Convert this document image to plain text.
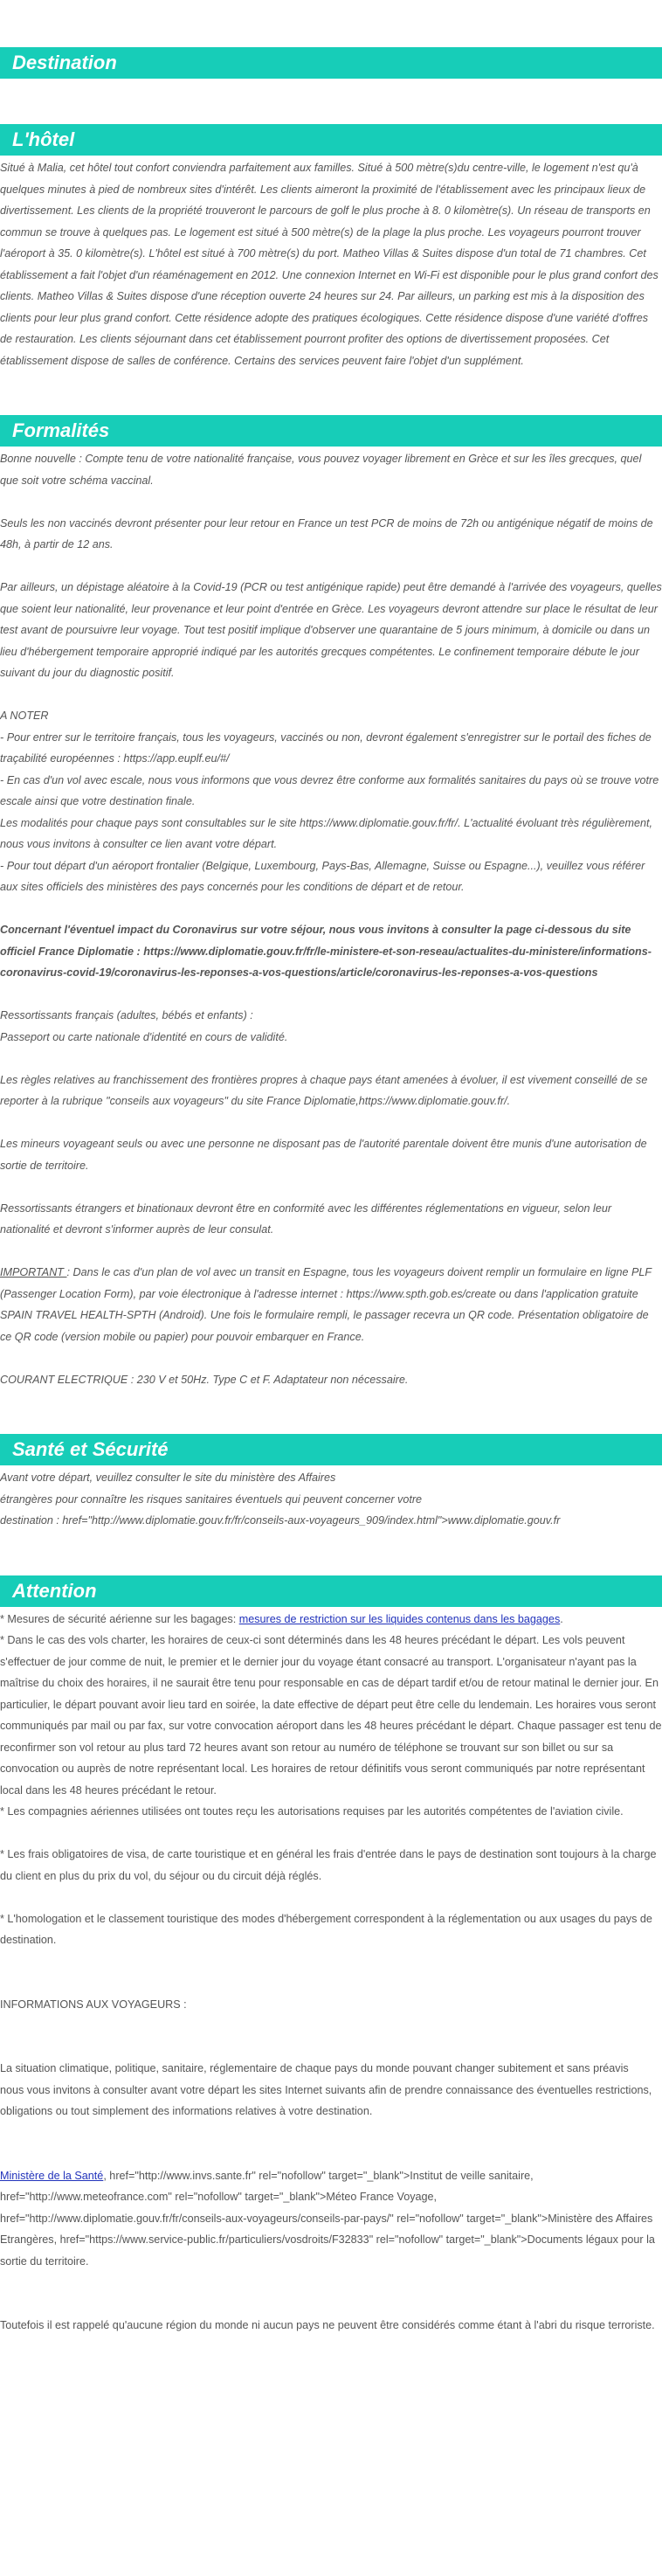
Destination
L'hôtel

Situé à Malia, cet hôtel tout confort conviendra parfaitement aux familles. Situé à 500 mètre(s)du centre-ville, le logement n'est qu'à quelques minutes à pied de nombreux sites d'intérêt. Les clients aimeront la proximité de l'établissement avec les principaux lieux de divertissement. Les clients de la propriété trouveront le parcours de golf le plus proche à 8. 0 kilomètre(s). Un réseau de transports en commun se trouve à quelques pas. Le logement est situé à 500 mètre(s) de la plage la plus proche. Les voyageurs pourront trouver l'aéroport à 35. 0 kilomètre(s). L'hôtel est situé à 700 mètre(s) du port. Matheo Villas & Suites dispose d'un total de 71 chambres. Cet établissement a fait l'objet d'un réaménagement en 2012. Une connexion Internet en Wi-Fi est disponible pour le plus grand confort des clients. Matheo Villas & Suites dispose d'une réception ouverte 24 heures sur 24. Par ailleurs, un parking est mis à la disposition des clients pour leur plus grand confort. Cette résidence adopte des pratiques écologiques. Cette résidence dispose d'une variété d'offres de restauration. Les clients séjournant dans cet établissement pourront profiter des options de divertissement proposées. Cet établissement dispose de salles de conférence. Certains des services peuvent faire l'objet d'un supplément.

Formalités

Bonne nouvelle : Compte tenu de votre nationalité française, vous pouvez voyager librement en Grèce et sur les îles grecques, quel que soit votre schéma vaccinal.

Seuls les non vaccinés devront présenter pour leur retour en France un test PCR de moins de 72h ou antigénique négatif de moins de 48h, à partir de 12 ans.

Par ailleurs, un dépistage aléatoire à la Covid-19 (PCR ou test antigénique rapide) peut être demandé à l'arrivée des voyageurs, quelles que soient leur nationalité, leur provenance et leur point d'entrée en Grèce. Les voyageurs devront attendre sur place le résultat de leur test avant de poursuivre leur voyage. Tout test positif implique d'observer une quarantaine de 5 jours minimum, à domicile ou dans un lieu d'hébergement temporaire approprié indiqué par les autorités grecques compétentes. Le confinement temporaire débute le jour suivant du jour du diagnostic positif.

A NOTER

- Pour entrer sur le territoire français, tous les voyageurs, vaccinés ou non, devront également s'enregistrer sur le portail des fiches de traçabilité européennes : https://app.euplf.eu/#/

- En cas d'un vol avec escale, nous vous informons que vous devrez être conforme aux formalités sanitaires du pays où se trouve votre escale ainsi que votre destination finale.

Les modalités pour chaque pays sont consultables sur le site https://www.diplomatie.gouv.fr/fr/. L'actualité évoluant très régulièrement, nous vous invitons à consulter ce lien avant votre départ.

- Pour tout départ d'un aéroport frontalier (Belgique, Luxembourg, Pays-Bas, Allemagne, Suisse ou Espagne...), veuillez vous référer aux sites officiels des ministères des pays concernés pour les conditions de départ et de retour.

Concernant l'éventuel impact du Coronavirus sur votre séjour, nous vous invitons à consulter la page ci-dessous du site officiel France Diplomatie : https://www.diplomatie.gouv.fr/fr/le-ministere-et-son-reseau/actualites-du-ministere/informations-coronavirus-covid-19/coronavirus-les-reponses-a-vos-questions/article/coronavirus-les-reponses-a-vos-questions

Ressortissants français (adultes, bébés et enfants) :

Passeport ou carte nationale d'identité en cours de validité.

Les règles relatives au franchissement des frontières propres à chaque pays étant amenées à évoluer, il est vivement conseillé de se reporter à la rubrique "conseils aux voyageurs" du site France Diplomatie,https://www.diplomatie.gouv.fr/.

Les mineurs voyageant seuls ou avec une personne ne disposant pas de l'autorité parentale doivent être munis d'une autorisation de sortie de territoire.

Ressortissants étrangers et binationaux devront être en conformité avec les différentes réglementations en vigueur, selon leur nationalité et devront s'informer auprès de leur consulat.

IMPORTANT : Dans le cas d'un plan de vol avec un transit en Espagne, tous les voyageurs doivent remplir un formulaire en ligne PLF (Passenger Location Form), par voie électronique à l'adresse internet : https://www.spth.gob.es/create ou dans l'application gratuite SPAIN TRAVEL HEALTH-SPTH (Android). Une fois le formulaire rempli, le passager recevra un QR code. Présentation obligatoire de ce QR code (version mobile ou papier) pour pouvoir embarquer en France.

COURANT ELECTRIQUE : 230 V et 50Hz. Type C et F. Adaptateur non nécessaire.

Santé et Sécurité

Avant votre départ, veuillez consulter le site du ministère des Affaires

étrangères pour connaître les risques sanitaires éventuels qui peuvent concerner votre

destination : href="http://www.diplomatie.gouv.fr/fr/conseils-aux-voyageurs_909/index.html">www.diplomatie.gouv.fr

Attention

* Mesures de sécurité aérienne sur les bagages: mesures de restriction sur les liquides contenus dans les bagages.

* Dans le cas des vols charter, les horaires de ceux-ci sont déterminés dans les 48 heures précédant le départ. Les vols peuvent s'effectuer de jour comme de nuit, le premier et le dernier jour du voyage étant consacré au transport. L'organisateur n'ayant pas la maîtrise du choix des horaires, il ne saurait être tenu pour responsable en cas de départ tardif et/ou de retour matinal le dernier jour. En particulier, le départ pouvant avoir lieu tard en soirée, la date effective de départ peut être celle du lendemain. Les horaires vous seront communiqués par mail ou par fax, sur votre convocation aéroport dans les 48 heures précédant le départ. Chaque passager est tenu de reconfirmer son vol retour au plus tard 72 heures avant son retour au numéro de téléphone se trouvant sur son billet ou sur sa convocation ou auprès de notre représentant local. Les horaires de retour définitifs vous seront communiqués par notre représentant local dans les 48 heures précédant le retour.

* Les compagnies aériennes utilisées ont toutes reçu les autorisations requises par les autorités compétentes de l'aviation civile.

* Les frais obligatoires de visa, de carte touristique et en général les frais d'entrée dans le pays de destination sont toujours à la charge du client en plus du prix du vol, du séjour ou du circuit déjà réglés.

* L'homologation et le classement touristique des modes d'hébergement correspondent à la réglementation ou aux usages du pays de destination.

INFORMATIONS AUX VOYAGEURS :

La situation climatique, politique, sanitaire, réglementaire de chaque pays du monde pouvant changer subitement et sans préavis

nous vous invitons à consulter avant votre départ les sites Internet suivants afin de prendre connaissance des éventuelles restrictions, obligations ou tout simplement des informations relatives à votre destination.

Ministère de la Santé, href="http://www.invs.sante.fr" rel="nofollow" target="_blank">Institut de veille sanitaire, href="http://www.meteofrance.com" rel="nofollow" target="_blank">Méteo France Voyage, href="http://www.diplomatie.gouv.fr/fr/conseils-aux-voyageurs/conseils-par-pays/" rel="nofollow" target="_blank">Ministère des Affaires Etrangères, href="https://www.service-public.fr/particuliers/vosdroits/F32833" rel="nofollow" target="_blank">Documents légaux pour la sortie du territoire.

Toutefois il est rappelé qu'aucune région du monde ni aucun pays ne peuvent être considérés comme étant à l'abri du risque terroriste.
